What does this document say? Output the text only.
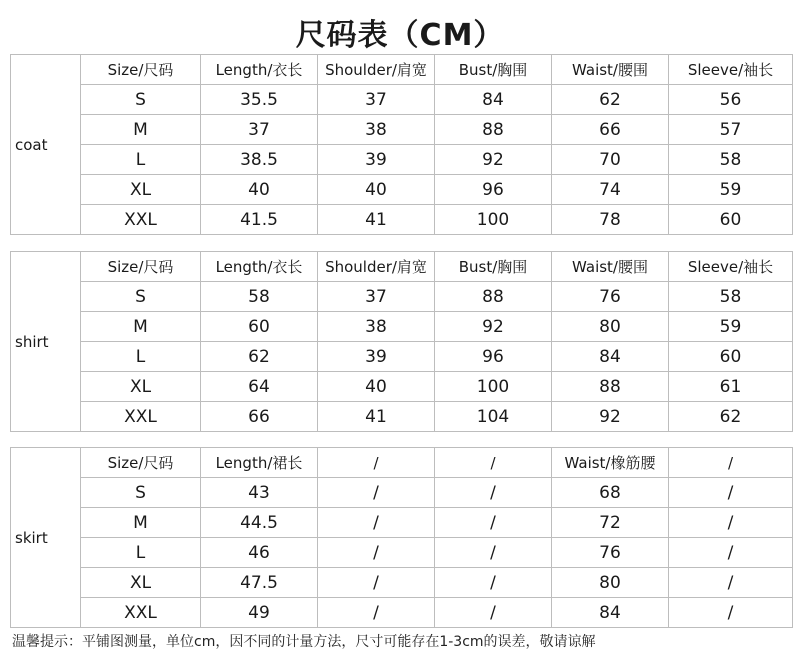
尺码表（CM）
coat	Size/尺码	Length/衣长	Shoulder/肩宽	Bust/胸围	Waist/腰围	Sleeve/袖长
	S	35.5	37	84	62	56
	M	37	38	88	66	57
	L	38.5	39	92	70	58
	XL	40	40	96	74	59
	XXL	41.5	41	100	78	60
shirt	Size/尺码	Length/衣长	Shoulder/肩宽	Bust/胸围	Waist/腰围	Sleeve/袖长
	S	58	37	88	76	58
	M	60	38	92	80	59
	L	62	39	96	84	60
	XL	64	40	100	88	61
	XXL	66	41	104	92	62
skirt	Size/尺码	Length/裙长	/	/	Waist/橡筋腰	/
	S	43	/	/	68	/
	M	44.5	/	/	72	/
	L	46	/	/	76	/
	XL	47.5	/	/	80	/
	XXL	49	/	/	84	/
温馨提示：平铺图测量，单位cm，因不同的计量方法，尺寸可能存在1-3cm的误差，敬请谅解
